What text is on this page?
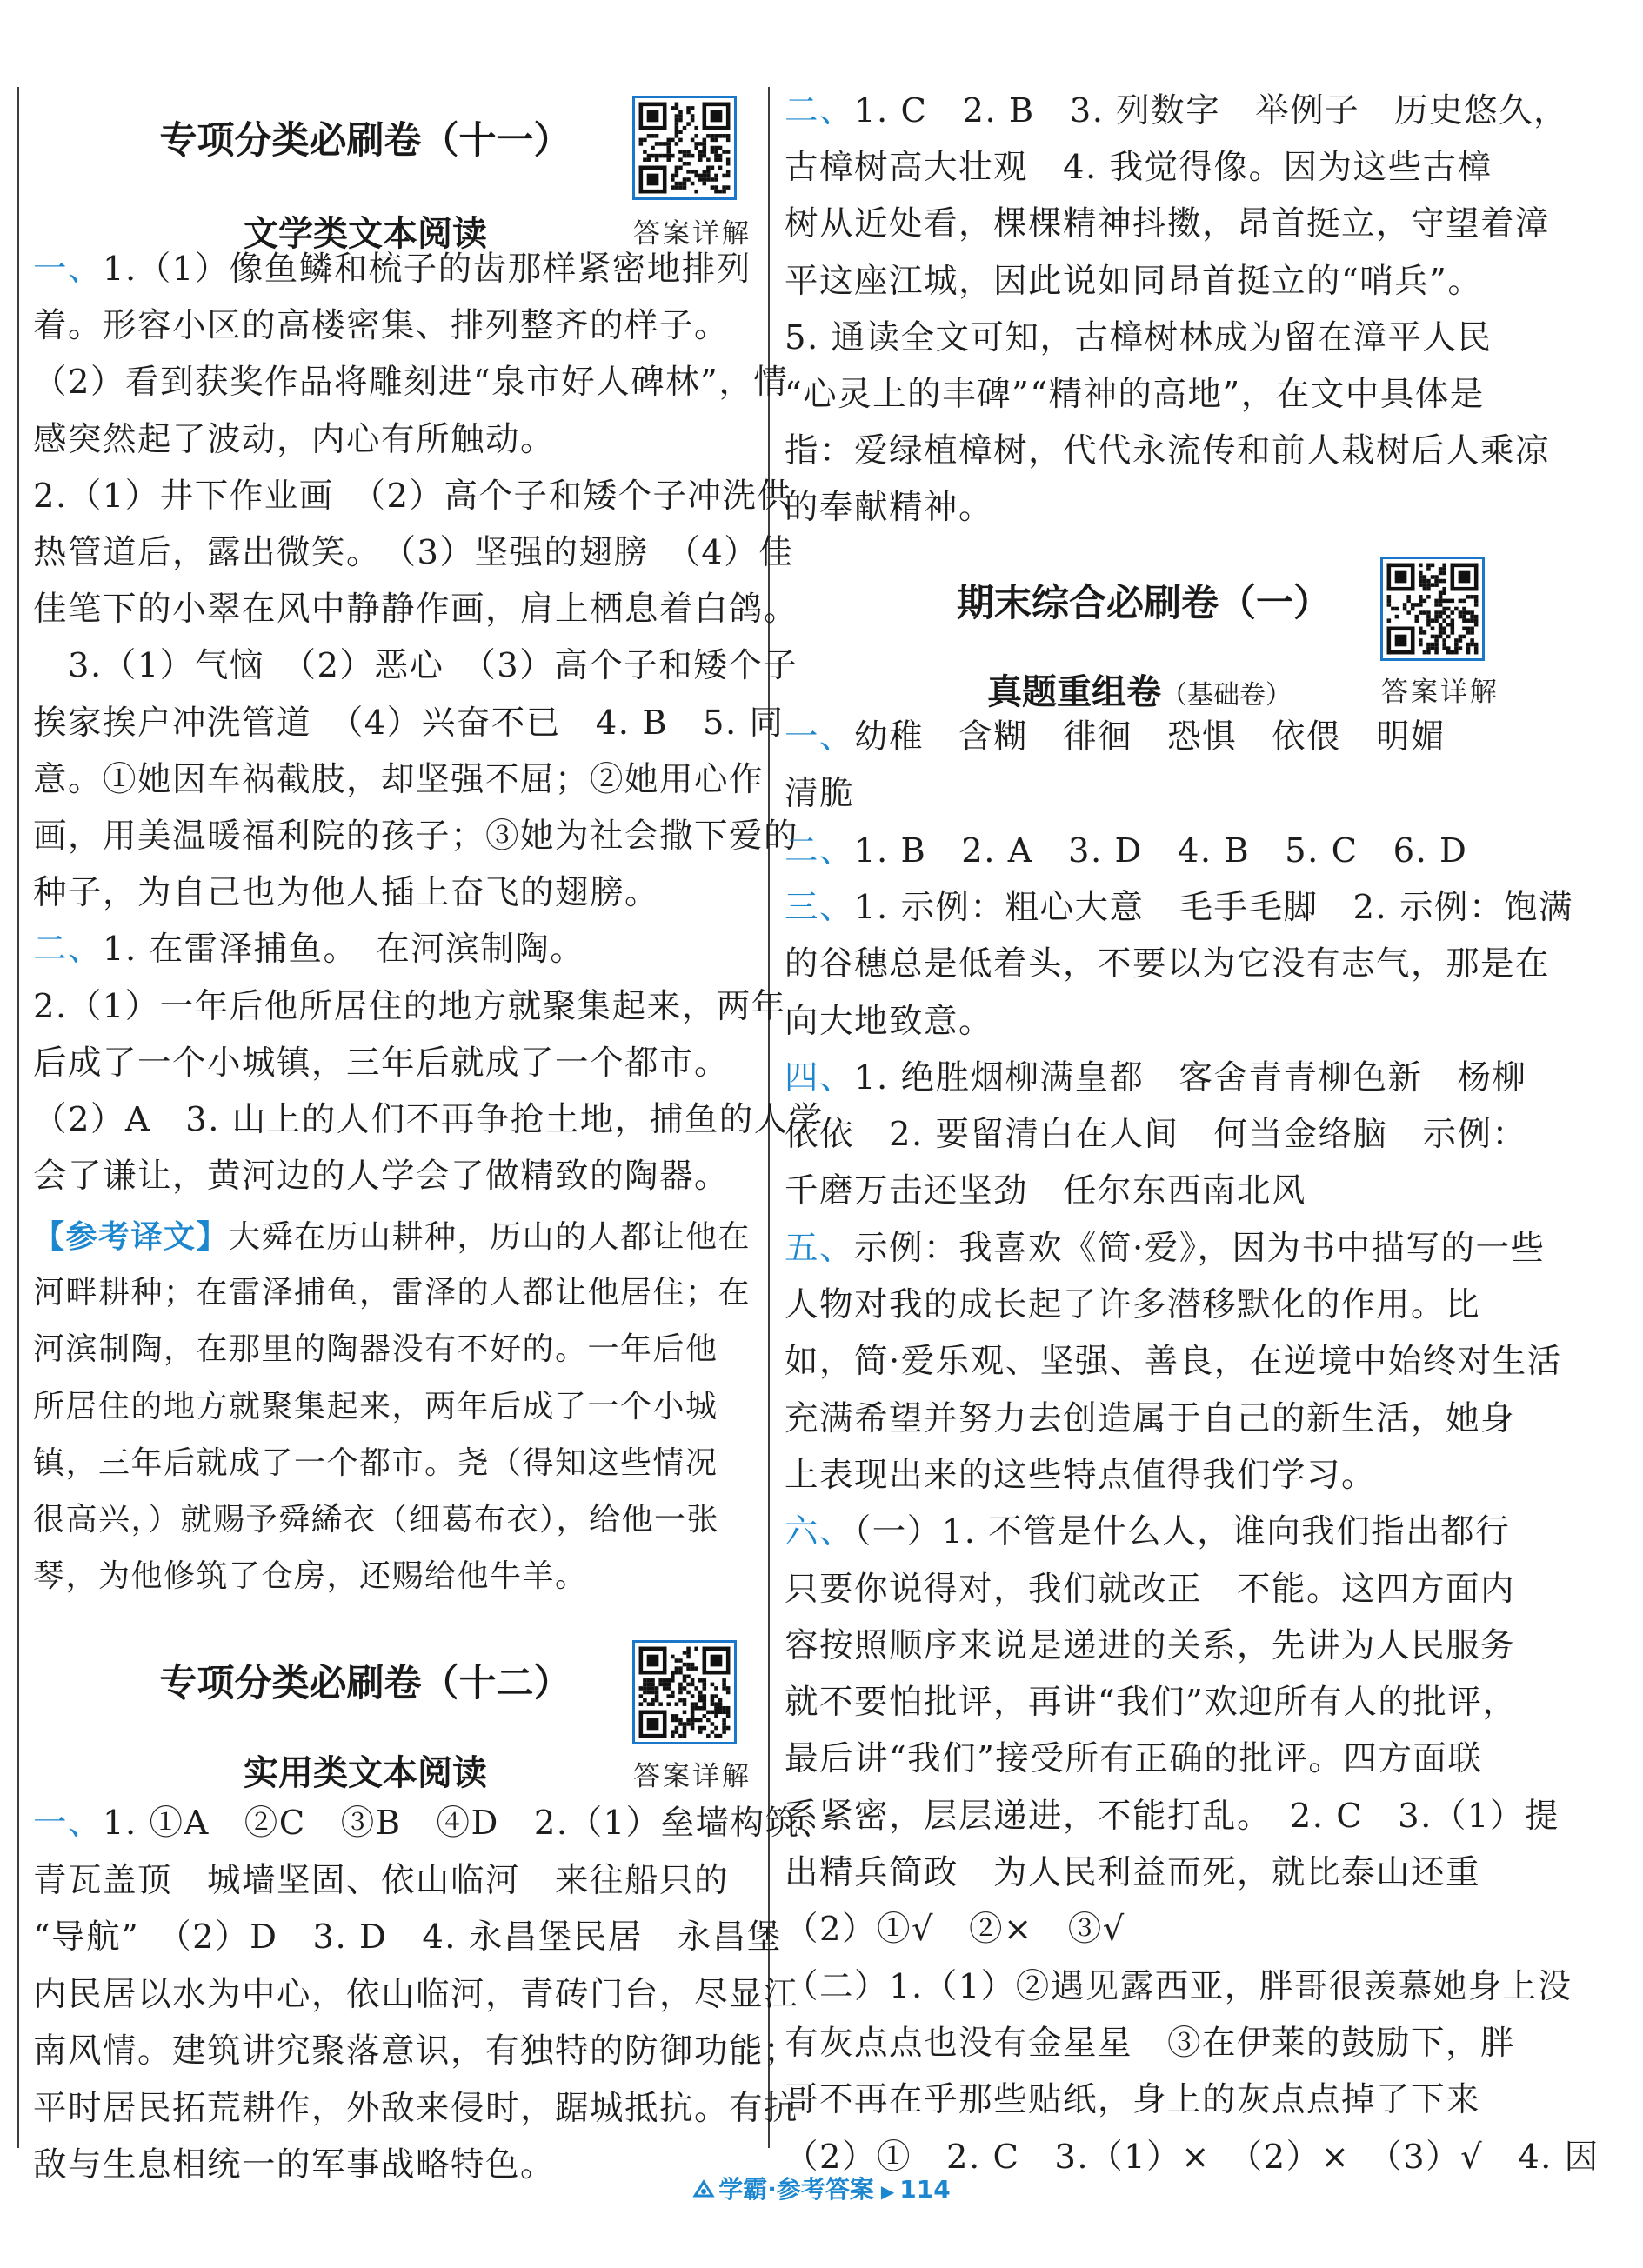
专项分类必刷卷（十一）
文学类文本阅读	答案详解
一、1.（1）像鱼鳞和梳子的齿那样紧密地排列
着。形容小区的高楼密集、排列整齐的样子。
（2）看到获奖作品将雕刻进“泉市好人碑林”，情
感突然起了波动，内心有所触动。
2.（1）井下作业画　（2）高个子和矮个子冲洗供
热管道后，露出微笑。　（3）坚强的翅膀　（4）佳
佳笔下的小翠在风中静静作画，肩上栖息着白鸽。
　3.（1）气恼　（2）恶心　（3）高个子和矮个子
挨家挨户冲洗管道　（4）兴奋不已　4. B　5. 同
意。①她因车祸截肢，却坚强不屈；②她用心作
画，用美温暖福利院的孩子；③她为社会撒下爱的
种子，为自己也为他人插上奋飞的翅膀。
二、1. 在雷泽捕鱼。　在河滨制陶。
2.（1）一年后他所居住的地方就聚集起来，两年
后成了一个小城镇，三年后就成了一个都市。
（2）A　3. 山上的人们不再争抢土地，捕鱼的人学
会了谦让，黄河边的人学会了做精致的陶器。
【参考译文】大舜在历山耕种，历山的人都让他在
河畔耕种；在雷泽捕鱼，雷泽的人都让他居住；在
河滨制陶，在那里的陶器没有不好的。一年后他
所居住的地方就聚集起来，两年后成了一个小城
镇，三年后就成了一个都市。尧（得知这些情况
很高兴，）就赐予舜絺衣（细葛布衣），给他一张
琴，为他修筑了仓房，还赐给他牛羊。
专项分类必刷卷（十二）
实用类文本阅读	答案详解
一、1. ①A　②C　③B　④D　2.（1）垒墙构筑、
青瓦盖顶　城墙坚固、依山临河　来往船只的
“导航”　（2）D　3. D　4. 永昌堡民居　永昌堡
内民居以水为中心，依山临河，青砖门台，尽显江
南风情。建筑讲究聚落意识，有独特的防御功能；
平时居民拓荒耕作，外敌来侵时，踞城抵抗。有抗
敌与生息相统一的军事战略特色。
二、1. C　2. B　3. 列数字　举例子　历史悠久，
古樟树高大壮观　4. 我觉得像。因为这些古樟
树从近处看，棵棵精神抖擞，昂首挺立，守望着漳
平这座江城，因此说如同昂首挺立的“哨兵”。
5. 通读全文可知，古樟树林成为留在漳平人民
“心灵上的丰碑”“精神的高地”，在文中具体是
指：爱绿植樟树，代代永流传和前人栽树后人乘凉
的奉献精神。
期末综合必刷卷（一）
真题重组卷（基础卷）	答案详解
一、幼稚　含糊　徘徊　恐惧　依偎　明媚
清脆
二、1. B　2. A　3. D　4. B　5. C　6. D
三、1. 示例：粗心大意　毛手毛脚　2. 示例：饱满
的谷穗总是低着头，不要以为它没有志气，那是在
向大地致意。
四、1. 绝胜烟柳满皇都　客舍青青柳色新　杨柳
依依　2. 要留清白在人间　何当金络脑　示例：
千磨万击还坚劲　任尔东西南北风
五、示例：我喜欢《简·爱》，因为书中描写的一些
人物对我的成长起了许多潜移默化的作用。比
如，简·爱乐观、坚强、善良，在逆境中始终对生活
充满希望并努力去创造属于自己的新生活，她身
上表现出来的这些特点值得我们学习。
六、（一）1. 不管是什么人，谁向我们指出都行
只要你说得对，我们就改正　不能。这四方面内
容按照顺序来说是递进的关系，先讲为人民服务
就不要怕批评，再讲“我们”欢迎所有人的批评，
最后讲“我们”接受所有正确的批评。四方面联
系紧密，层层递进，不能打乱。　2. C　3.（1）提
出精兵简政　为人民利益而死，就比泰山还重
（2）①√　②×　③√
（二）1.（1）②遇见露西亚，胖哥很羡慕她身上没
有灰点点也没有金星星　③在伊莱的鼓励下，胖
哥不再在乎那些贴纸，身上的灰点点掉了下来
（2）①　2. C　3.（1）×　（2）×　（3）√　4. 因
学霸·参考答案 ▶ 114
